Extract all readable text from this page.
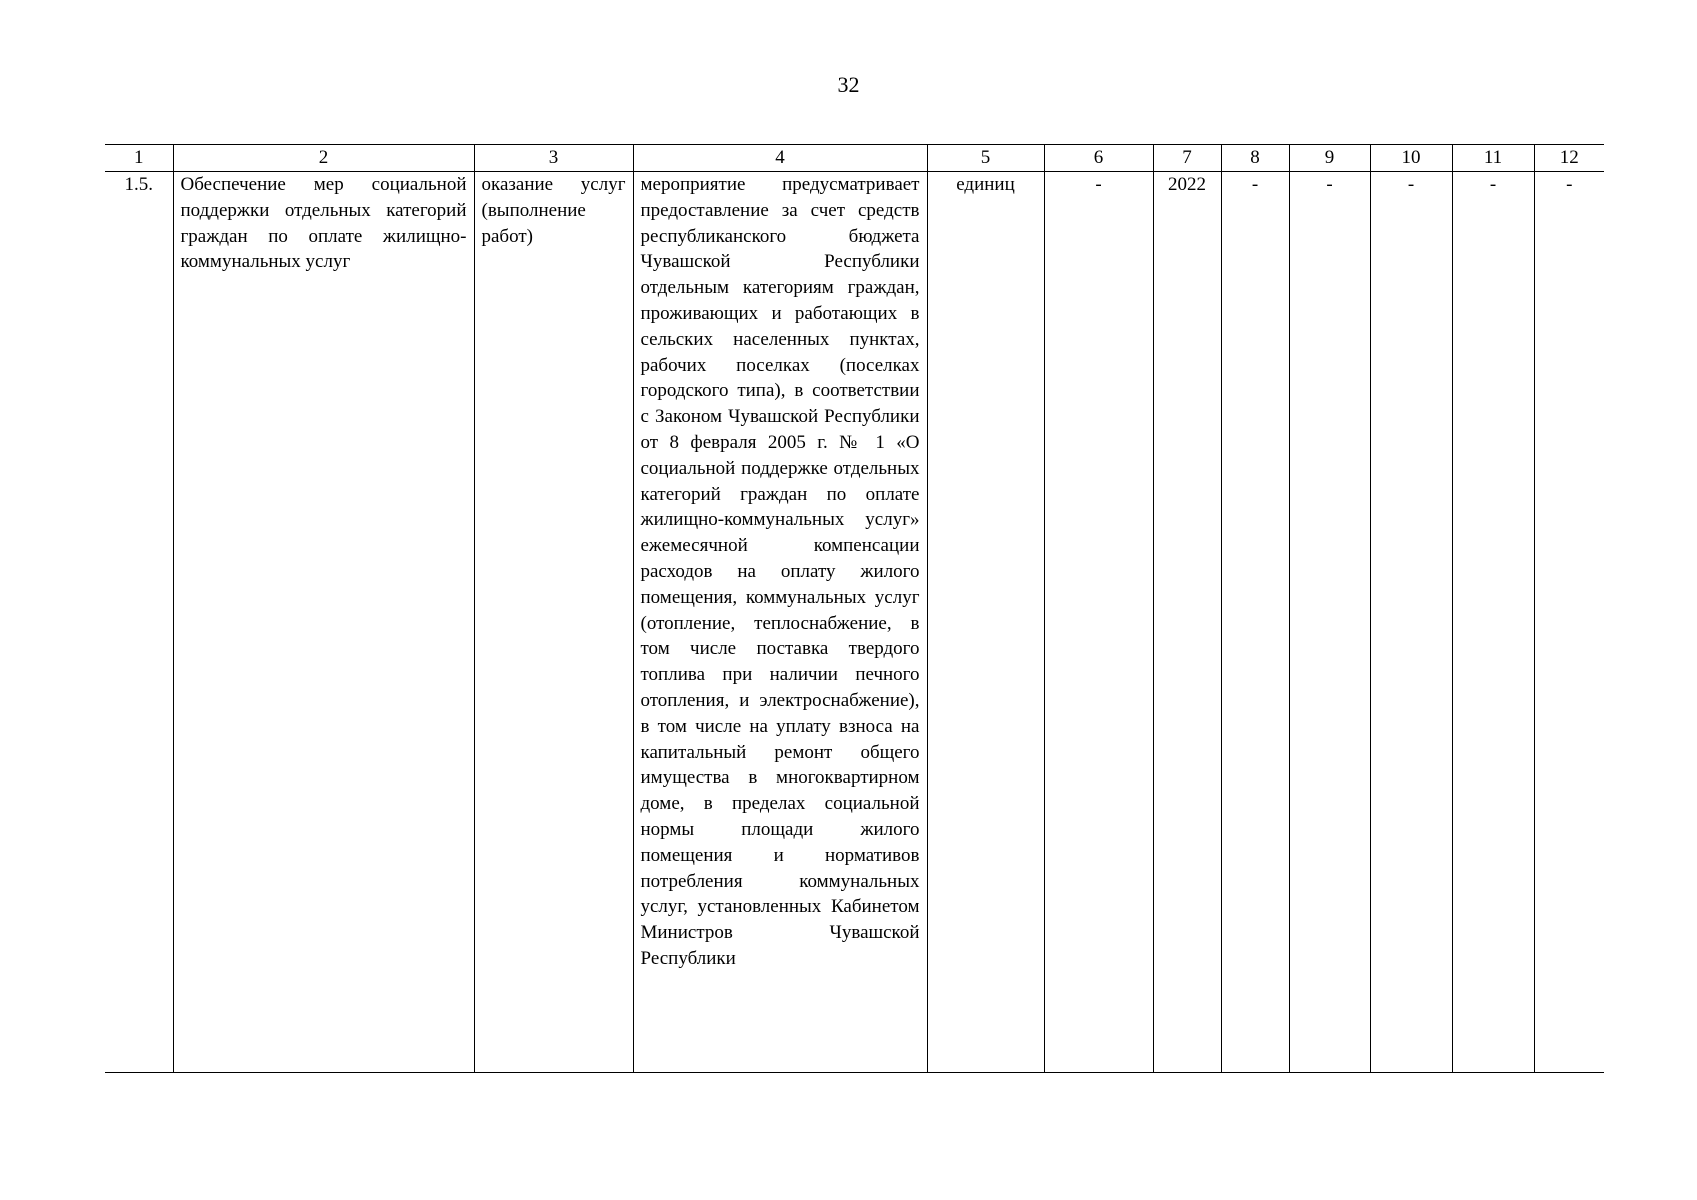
32
1	2	3	4	5	6	7	8	9	10	11	12
1.5.	Обеспечение мер социальной поддержки отдельных категорий граждан по оплате жилищно-коммунальных услуг	оказание услуг (выполнение работ)	мероприятие предусматривает предоставление за счет средств республиканского бюджета Чувашской Республики отдельным категориям граждан, проживающих и работающих в сельских населенных пунктах, рабочих поселках (поселках городского типа), в соответствии с Законом Чувашской Республики от 8 февраля 2005 г. № 1 «О социальной поддержке отдельных категорий граждан по оплате жилищно-коммунальных услуг» ежемесячной компенсации расходов на оплату жилого помещения, коммунальных услуг (отопление, теплоснабжение, в том числе поставка твердого топлива при наличии печного отопления, и электроснабжение), в том числе на уплату взноса на капитальный ремонт общего имущества в многоквартирном доме, в пределах социальной нормы площади жилого помещения и нормативов потребления коммунальных услуг, установленных Кабинетом Министров Чувашской Республики	единиц	-	2022	-	-	-	-	-
